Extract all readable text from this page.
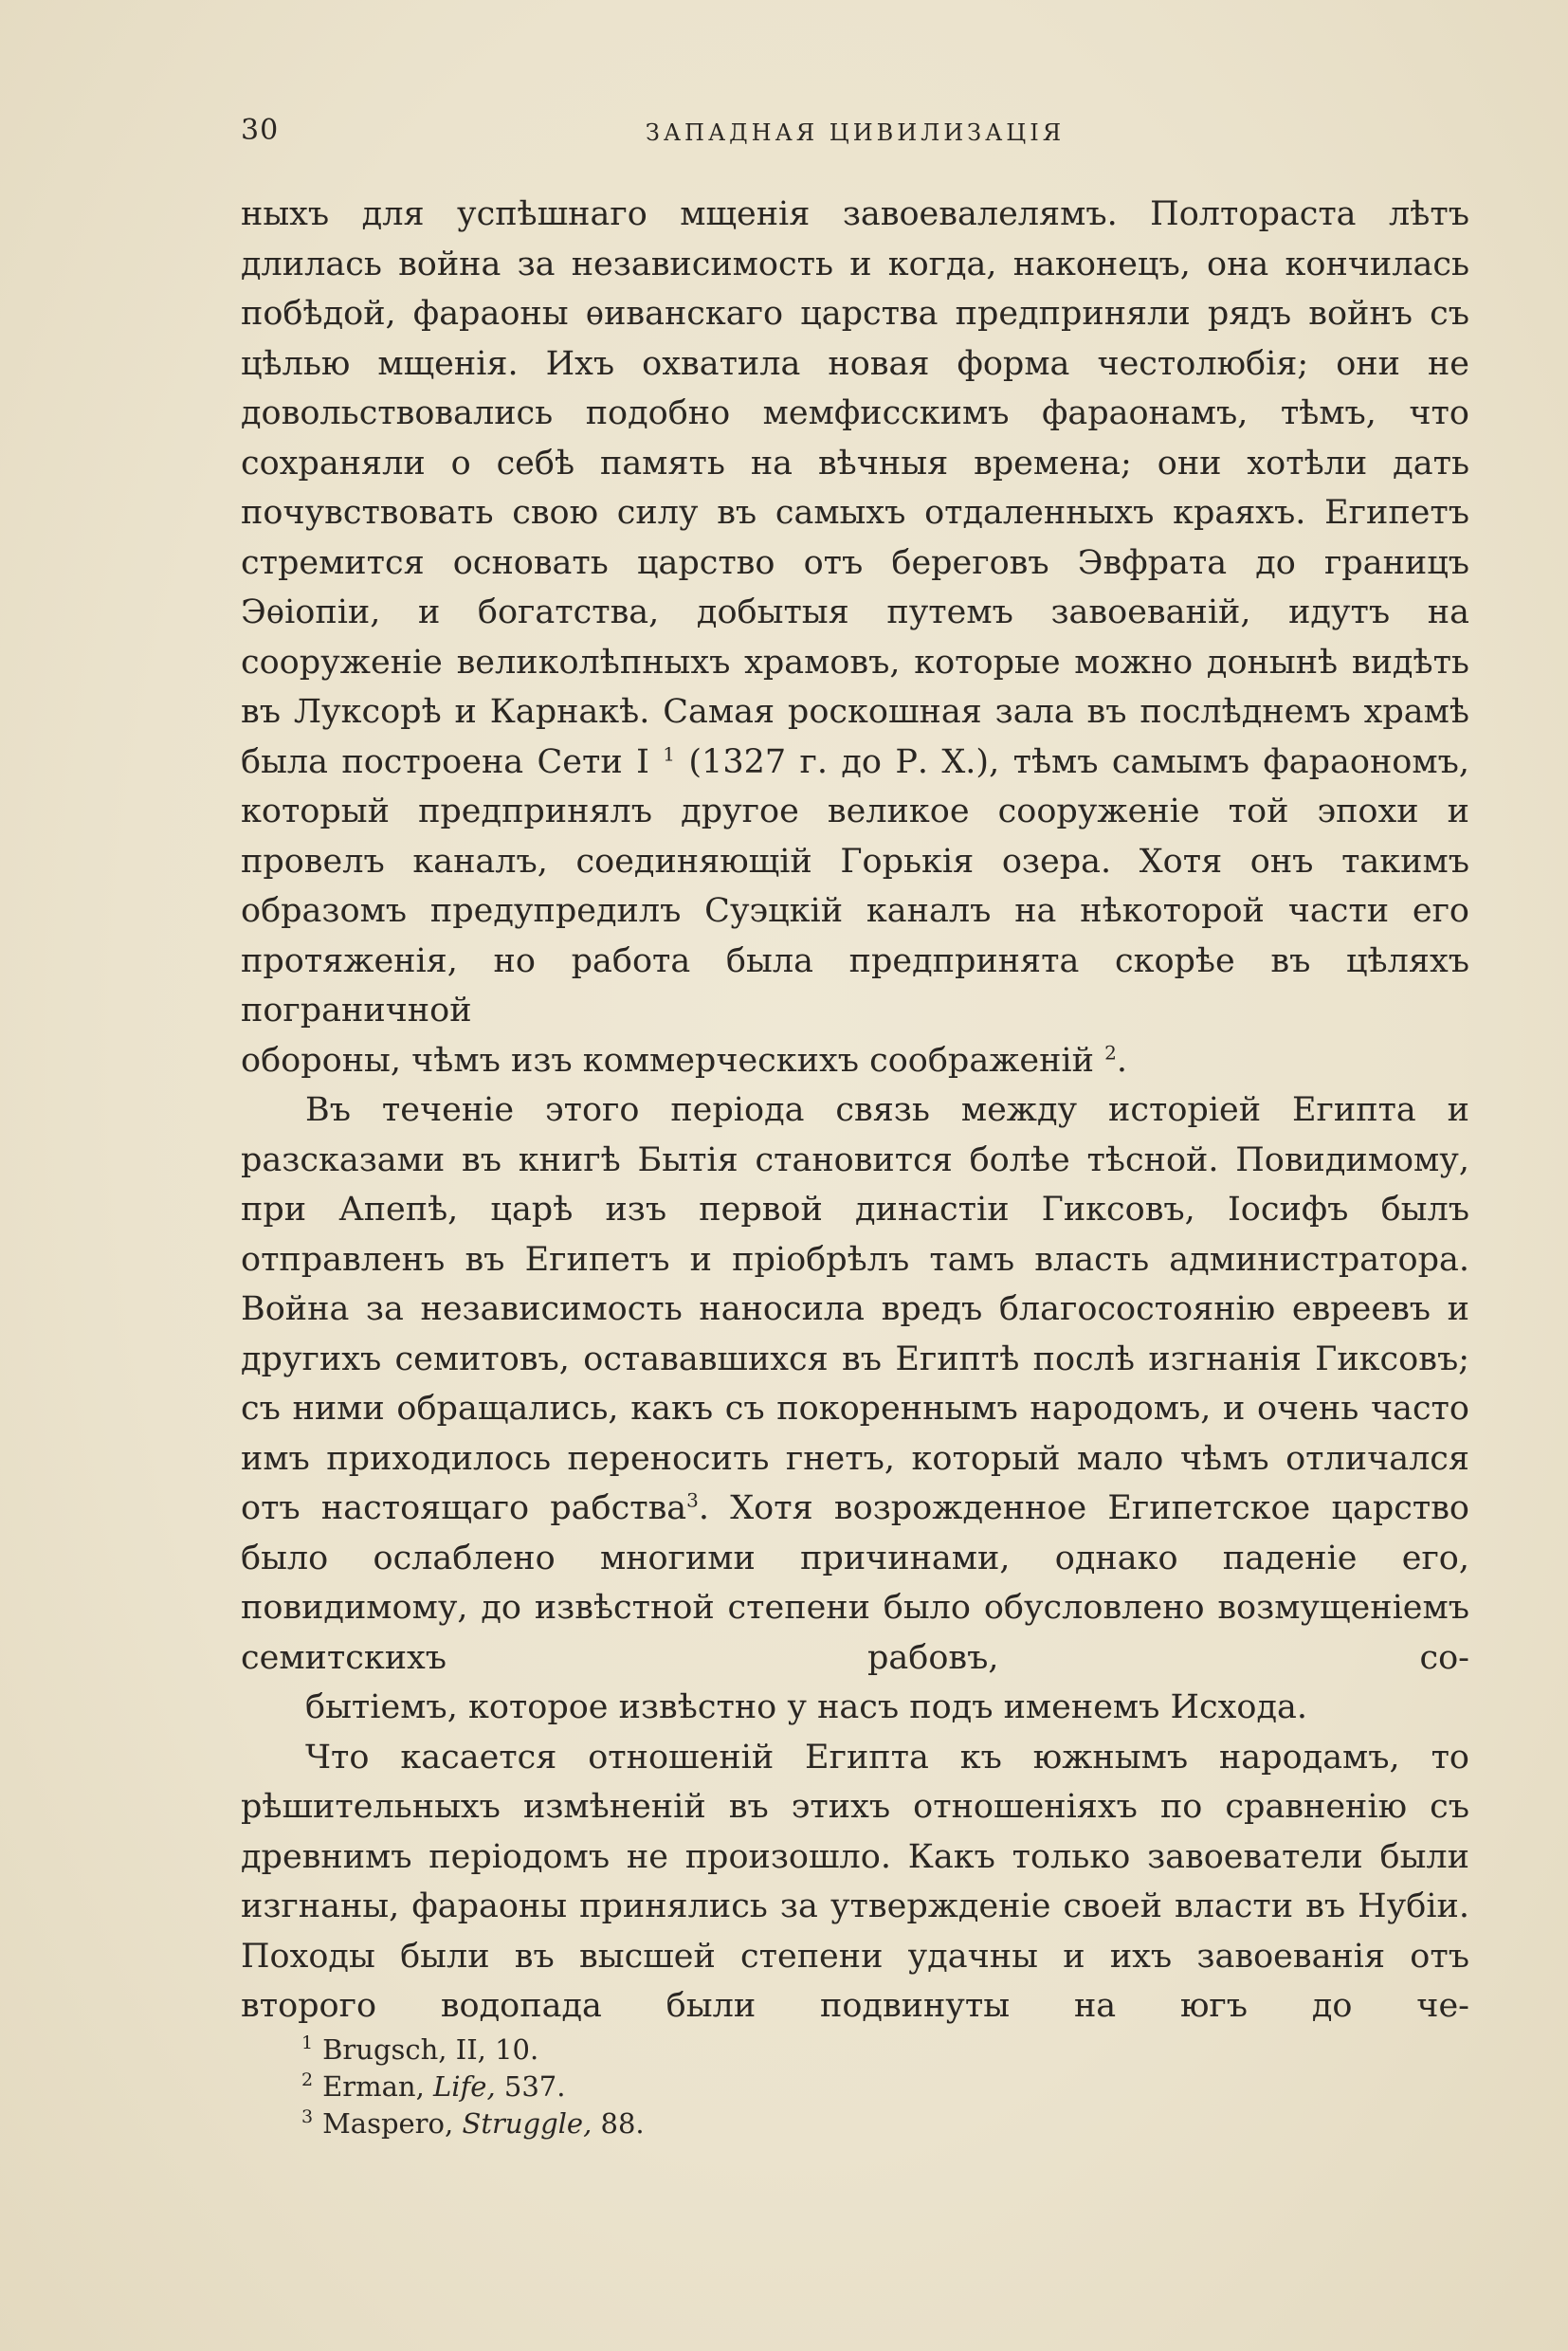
30	ЗАПАДНАЯ ЦИВИЛИЗАЦІЯ

ныхъ для успѣшнаго мщенія завоевалелямъ. Полтораста лѣтъ длилась война за независимость и когда, наконецъ, она кончилась побѣдой, фараоны ѳиванскаго царства предприняли рядъ войнъ съ цѣлью мщенія. Ихъ охватила новая форма честолюбія; они не довольствовались подобно мемфисскимъ фараонамъ, тѣмъ, что сохраняли о себѣ память на вѣчныя времена; они хотѣли дать почувствовать свою силу въ самыхъ отдаленныхъ краяхъ. Египетъ стремится основать царство отъ береговъ Эвфрата до границъ Эѳіопіи, и богатства, добытыя путемъ завоеваній, идутъ на сооруженіе великолѣпныхъ храмовъ, которые можно донынѣ видѣть въ Луксорѣ и Карнакѣ. Самая роскошная зала въ послѣднемъ храмѣ была построена Сети I $^1$ (1327 г. до Р. Х.), тѣмъ самымъ фараономъ, который предпринялъ другое великое сооруженіе той эпохи и провелъ каналъ, соединяющій Горькія озера. Хотя онъ такимъ образомъ предупредилъ Суэцкій каналъ на нѣкоторой части его протяженія, но работа была предпринята скорѣе въ цѣляхъ пограничной
обороны, чѣмъ изъ коммерческихъ соображеній $^2$.

Въ теченіе этого періода связь между исторіей Египта и разсказами въ книгѣ Бытія становится болѣе тѣсной. Повидимому, при Апепѣ, царѣ изъ первой династіи Гиксовъ, Іосифъ былъ отправленъ въ Египетъ и пріобрѣлъ тамъ власть администратора. Война за независимость наносила вредъ благосостоянію евреевъ и другихъ семитовъ, остававшихся въ Египтѣ послѣ изгнанія Гиксовъ; съ ними обращались, какъ съ покореннымъ народомъ, и очень часто имъ приходилось переносить гнетъ, который мало чѣмъ отличался отъ настоящаго рабства$^3$. Хотя возрожденное Египетское царство было ослаблено многими причинами, однако паденіе его, повидимому, до извѣстной степени было обусловлено возмущеніемъ семитскихъ рабовъ, со-
бытіемъ, которое извѣстно у насъ подъ именемъ Исхода.

Что касается отношеній Египта къ южнымъ народамъ, то рѣшительныхъ измѣненій въ этихъ отношеніяхъ по сравненію съ древнимъ періодомъ не произошло. Какъ только завоеватели были изгнаны, фараоны принялись за утвержденіе своей власти въ Нубіи. Походы были въ высшей степени удачны и ихъ завоеванія отъ второго водопада были подвинуты на югъ до че-

$^1$ Brugsch, II, 10.

$^2$ Erman, Life, 537.

$^3$ Maspero, Struggle, 88.
